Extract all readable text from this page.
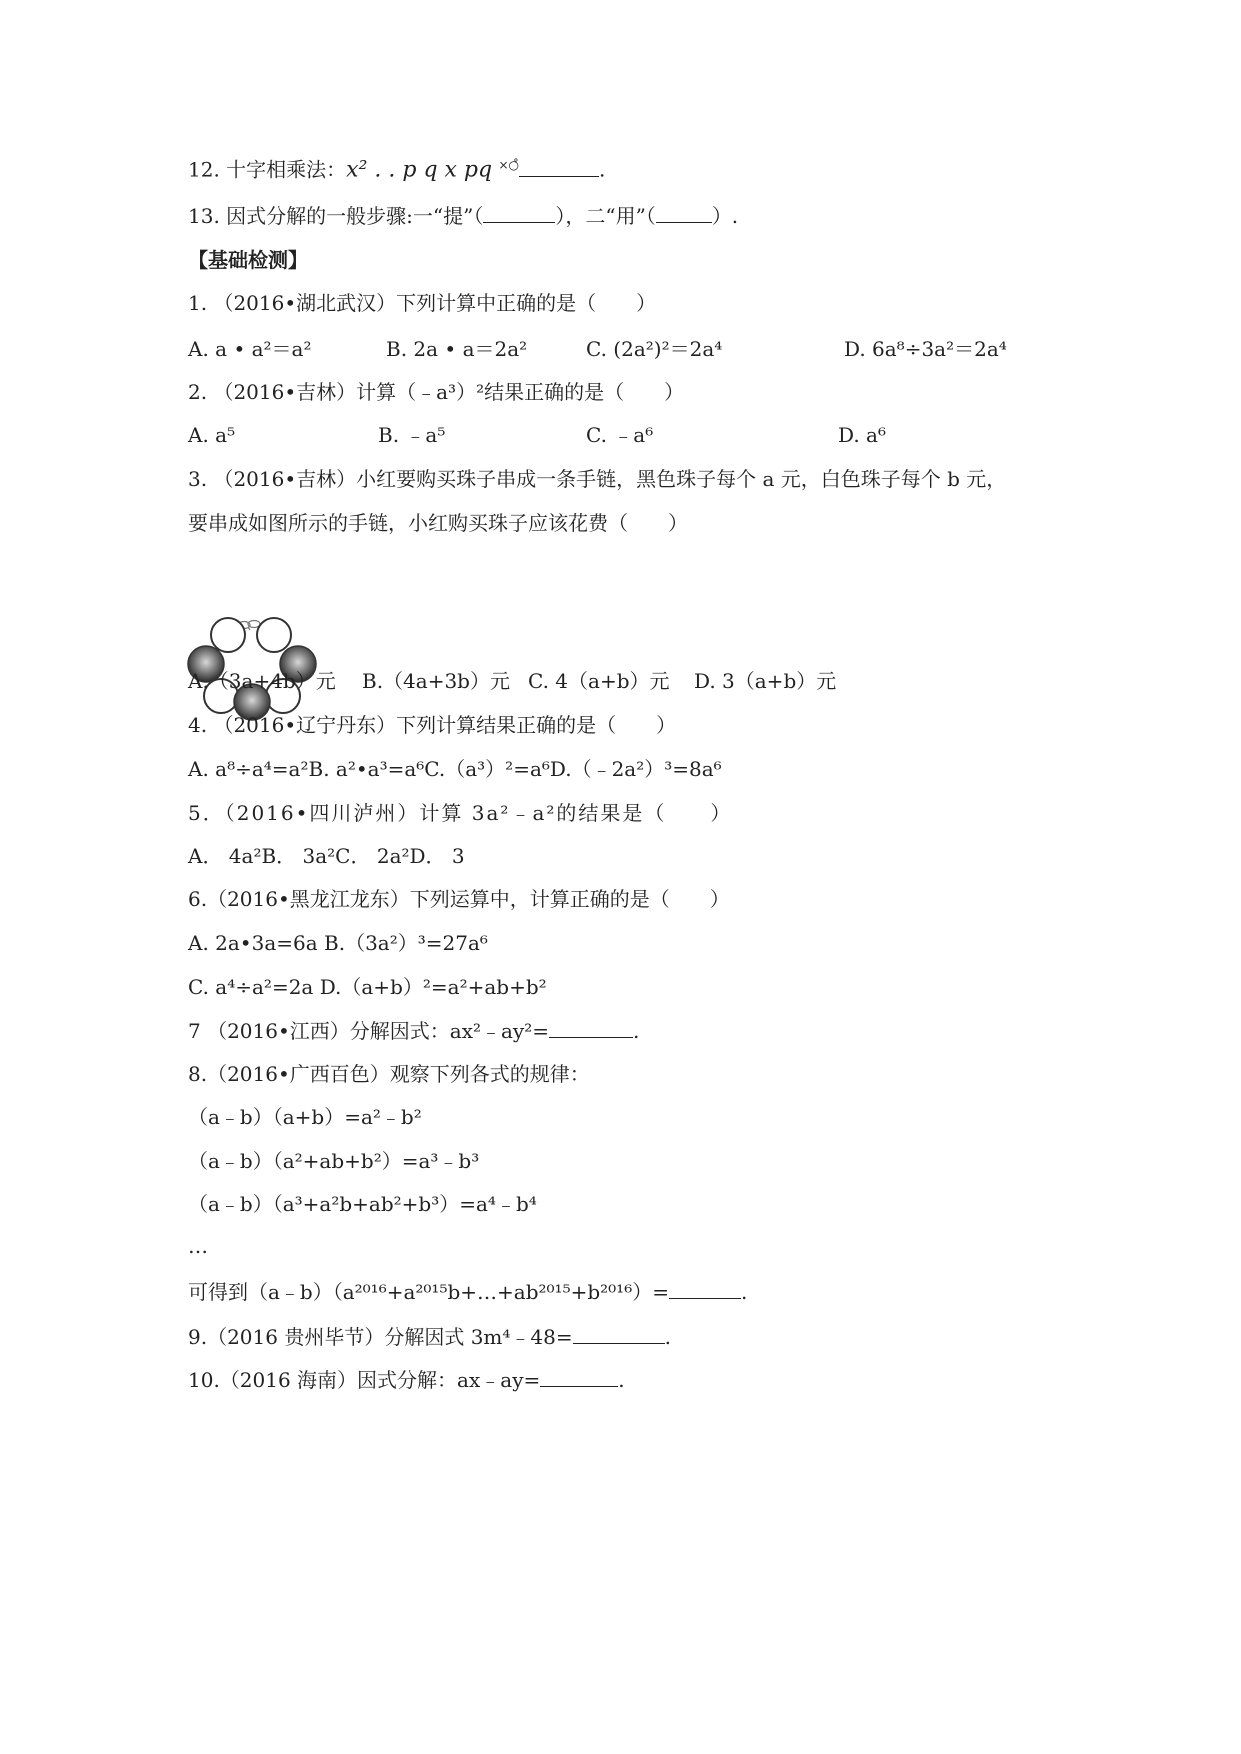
12. 十字相乘法：x² . . p q x pq ×○̊	.
13. 因式分解的一般步骤:一“提”（	），二“用”（	）.
【基础检测】
1. （2016•湖北武汉）下列计算中正确的是（　　）
A. a • a²＝a²	B. 2a • a＝2a²	C. (2a²)²＝2a⁴	D. 6a⁸÷3a²＝2a⁴
2. （2016•吉林）计算（﹣a³）²结果正确的是（　　）
A. a⁵	B. ﹣a⁵	C. ﹣a⁶	D. a⁶
3. （2016•吉林）小红要购买珠子串成一条手链，黑色珠子每个 a 元，白色珠子每个 b 元，
要串成如图所示的手链，小红购买珠子应该花费（　　）
A.（3a+4b）元	B.（4a+3b）元 C. 4（a+b）元	D. 3（a+b）元
4. （2016•辽宁丹东）下列计算结果正确的是（　　）
A. a⁸÷a⁴=a²B. a²•a³=a⁶C.（a³）²=a⁶D.（﹣2a²）³=8a⁶
5．（2016•四川泸州）计算 3a²﹣a²的结果是（　　）
A． 4a²B． 3a²C． 2a²D． 3
6.（2016•黑龙江龙东）下列运算中，计算正确的是（　　）
A. 2a•3a=6a B.（3a²）³=27a⁶
C. a⁴÷a²=2a D.（a+b）²=a²+ab+b²
7 （2016•江西）分解因式：ax²﹣ay²=	.
8.（2016•广西百色）观察下列各式的规律：
（a﹣b）（a+b）=a²﹣b²
（a﹣b）（a²+ab+b²）=a³﹣b³
（a﹣b）（a³+a²b+ab²+b³）=a⁴﹣b⁴
…
可得到（a﹣b）（a²⁰¹⁶+a²⁰¹⁵b+…+ab²⁰¹⁵+b²⁰¹⁶）=	.
9.（2016 贵州毕节）分解因式 3m⁴﹣48=	.
10.（2016 海南）因式分解：ax﹣ay=	.
